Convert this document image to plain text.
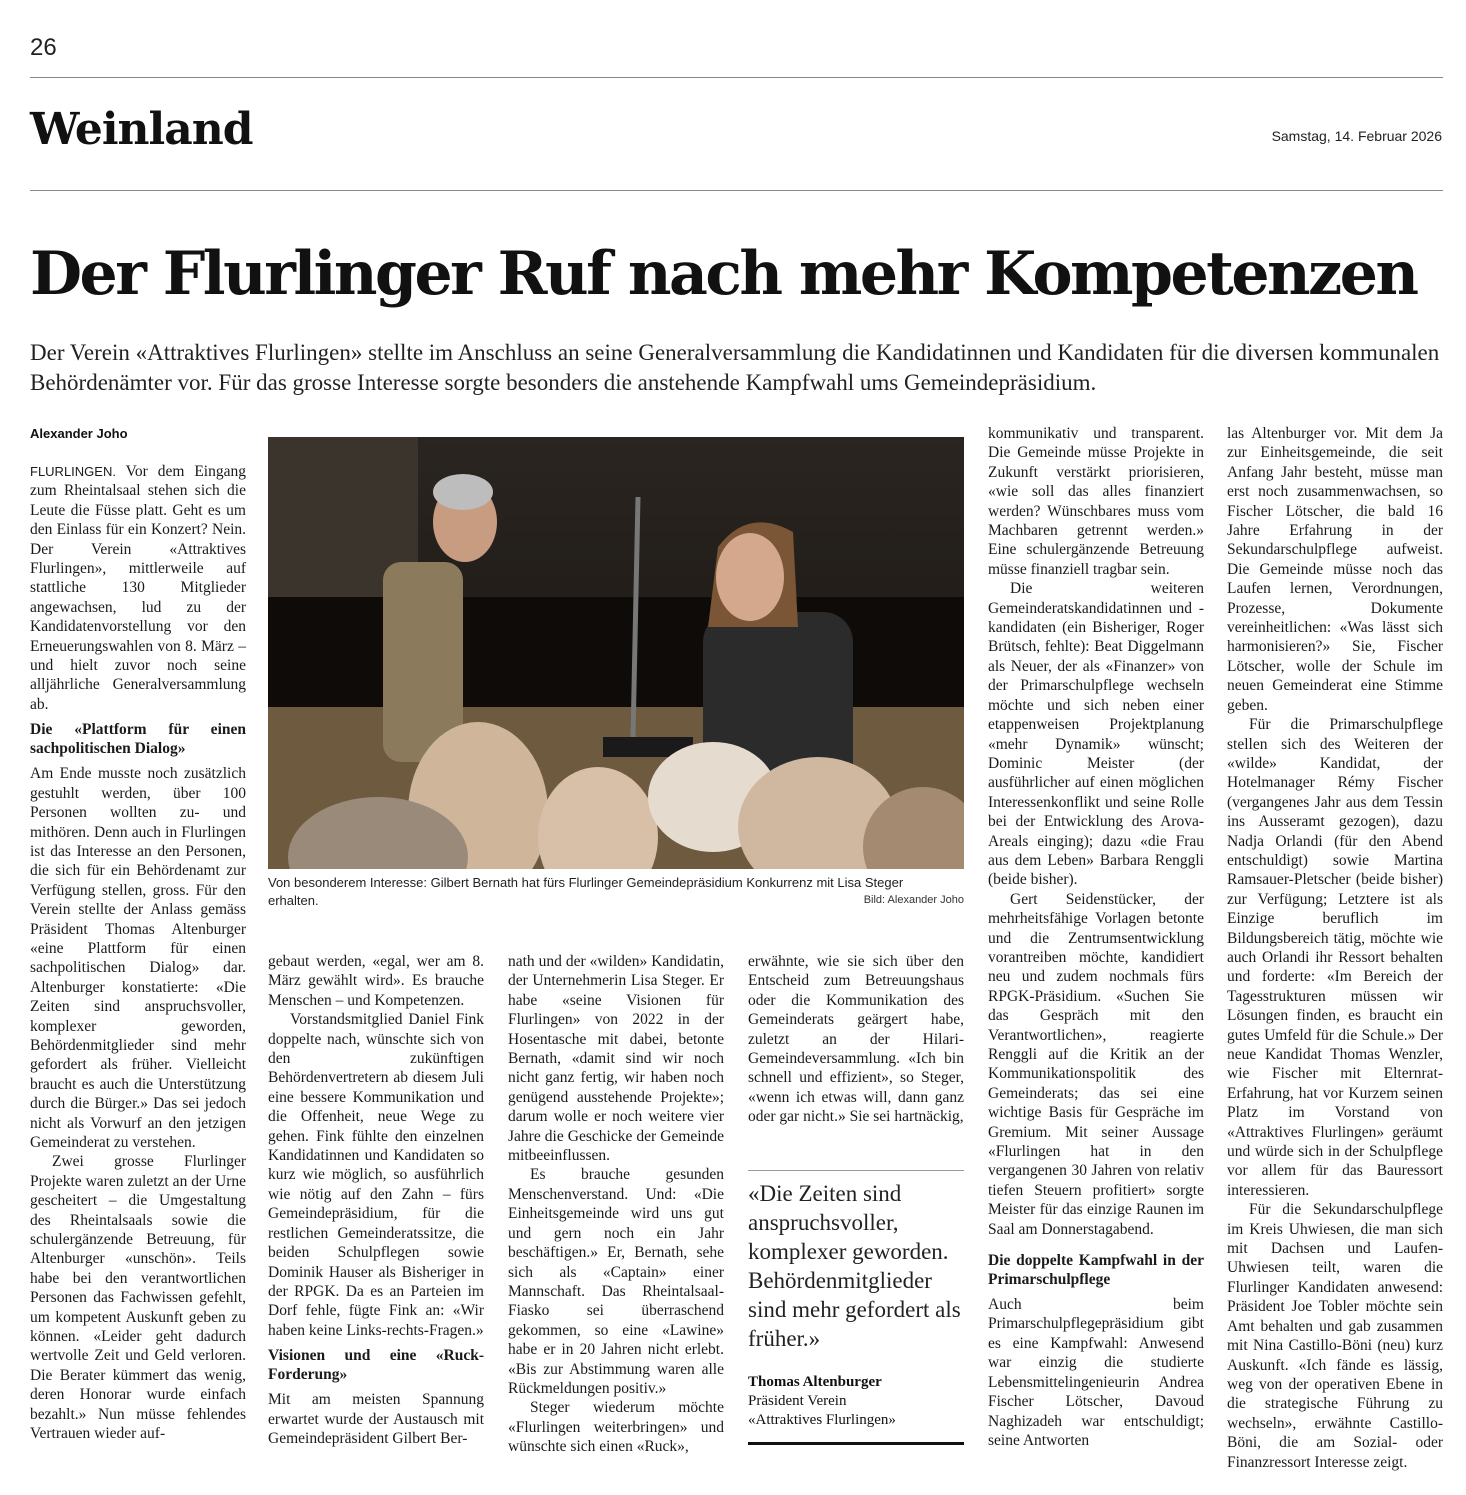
26
Weinland	Samstag, 14. Februar 2026
Der Flurlinger Ruf nach mehr Kompetenzen
Der Verein «Attraktives Flurlingen» stellte im Anschluss an seine Generalversammlung die Kandidatinnen und Kandidaten für die diversen kommunalen Behördenämter vor. Für das grosse Interesse sorgte besonders die anstehende Kampfwahl ums Gemeindepräsidium.
Alexander Joho

FLURLINGEN. Vor dem Eingang zum Rheintalsaal stehen sich die Leute die Füsse platt. Geht es um den Einlass für ein Konzert? Nein. Der Verein «Attraktives Flurlingen», mittlerweile auf stattliche 130 Mitglieder angewachsen, lud zu der Kandidatenvorstellung vor den Erneuerungswahlen von 8. März – und hielt zuvor noch seine alljährliche Generalversammlung ab.

Die «Plattform für einen sachpolitischen Dialog»

Am Ende musste noch zusätzlich gestuhlt werden, über 100 Personen wollten zu- und mithören. Denn auch in Flurlingen ist das Interesse an den Personen, die sich für ein Behördenamt zur Verfügung stellen, gross. Für den Verein stellte der Anlass gemäss Präsident Thomas Altenburger «eine Plattform für einen sachpolitischen Dialog» dar. Altenburger konstatierte: «Die Zeiten sind anspruchsvoller, komplexer geworden, Behördenmitglieder sind mehr gefordert als früher. Vielleicht braucht es auch die Unterstützung durch die Bürger.» Das sei jedoch nicht als Vorwurf an den jetzigen Gemeinderat zu verstehen.

Zwei grosse Flurlinger Projekte waren zuletzt an der Urne gescheitert – die Umgestaltung des Rheintalsaals sowie die schulergänzende Betreuung, für Altenburger «unschön». Teils habe bei den verantwortlichen Personen das Fachwissen gefehlt, um kompetent Auskunft geben zu können. «Leider geht dadurch wertvolle Zeit und Geld verloren. Die Berater kümmert das wenig, deren Honorar wurde einfach bezahlt.» Nun müsse fehlendes Vertrauen wieder auf-

Von besonderem Interesse: Gilbert Bernath hat fürs Flurlinger Gemeindepräsidium Konkurrenz mit Lisa Steger erhalten.	Bild: Alexander Joho

gebaut werden, «egal, wer am 8. März gewählt wird». Es brauche Menschen – und Kompetenzen.

Vorstandsmitglied Daniel Fink doppelte nach, wünschte sich von den zukünftigen Behördenvertretern ab diesem Juli eine bessere Kommunikation und die Offenheit, neue Wege zu gehen. Fink fühlte den einzelnen Kandidatinnen und Kandidaten so kurz wie möglich, so ausführlich wie nötig auf den Zahn – fürs Gemeindepräsidium, für die restlichen Gemeinderatssitze, die beiden Schulpflegen sowie Dominik Hauser als Bisheriger in der RPGK. Da es an Parteien im Dorf fehle, fügte Fink an: «Wir haben keine Links-rechts-Fragen.»

Visionen und eine «Ruck-Forderung»

Mit am meisten Spannung erwartet wurde der Austausch mit Gemeindepräsident Gilbert Ber-

nath und der «wilden» Kandidatin, der Unternehmerin Lisa Steger. Er habe «seine Visionen für Flurlingen» von 2022 in der Hosentasche mit dabei, betonte Bernath, «damit sind wir noch nicht ganz fertig, wir haben noch genügend ausstehende Projekte»; darum wolle er noch weitere vier Jahre die Geschicke der Gemeinde mitbeeinflussen.

Es brauche gesunden Menschenverstand. Und: «Die Einheitsgemeinde wird uns gut und gern noch ein Jahr beschäftigen.» Er, Bernath, sehe sich als «Captain» einer Mannschaft. Das Rheintalsaal-Fiasko sei überraschend gekommen, so eine «Lawine» habe er in 20 Jahren nicht erlebt. «Bis zur Abstimmung waren alle Rückmeldungen positiv.»

Steger wiederum möchte «Flurlingen weiterbringen» und wünschte sich einen «Ruck»,

erwähnte, wie sie sich über den Entscheid zum Betreuungshaus oder die Kommunikation des Gemeinderats geärgert habe, zuletzt an der Hilari-Gemeindeversammlung. «Ich bin schnell und effizient», so Steger, «wenn ich etwas will, dann ganz oder gar nicht.» Sie sei hartnäckig,

«Die Zeiten sind anspruchsvoller, komplexer geworden. Behördenmitglieder sind mehr gefordert als früher.»
Thomas Altenburger
Präsident Verein
«Attraktives Flurlingen»

kommunikativ und transparent. Die Gemeinde müsse Projekte in Zukunft verstärkt priorisieren, «wie soll das alles finanziert werden? Wünschbares muss vom Machbaren getrennt werden.» Eine schulergänzende Betreuung müsse finanziell tragbar sein.

Die weiteren Gemeinderatskandidatinnen und -kandidaten (ein Bisheriger, Roger Brütsch, fehlte): Beat Diggelmann als Neuer, der als «Finanzer» von der Primarschulpflege wechseln möchte und sich neben einer etappenweisen Projektplanung «mehr Dynamik» wünscht; Dominic Meister (der ausführlicher auf einen möglichen Interessenkonflikt und seine Rolle bei der Entwicklung des Arova-Areals einging); dazu «die Frau aus dem Leben» Barbara Renggli (beide bisher).

Gert Seidenstücker, der mehrheitsfähige Vorlagen betonte und die Zentrumsentwicklung vorantreiben möchte, kandidiert neu und zudem nochmals fürs RPGK-Präsidium. «Suchen Sie das Gespräch mit den Verantwortlichen», reagierte Renggli auf die Kritik an der Kommunikationspolitik des Gemeinderats; das sei eine wichtige Basis für Gespräche im Gremium. Mit seiner Aussage «Flurlingen hat in den vergangenen 30 Jahren von relativ tiefen Steuern profitiert» sorgte Meister für das einzige Raunen im Saal am Donnerstagabend.

Die doppelte Kampfwahl in der Primarschulpflege

Auch beim Primarschulpflegepräsidium gibt es eine Kampfwahl: Anwesend war einzig die studierte Lebensmittelingenieurin Andrea Fischer Lötscher, Davoud Naghizadeh war entschuldigt; seine Antworten

las Altenburger vor. Mit dem Ja zur Einheitsgemeinde, die seit Anfang Jahr besteht, müsse man erst noch zusammenwachsen, so Fischer Lötscher, die bald 16 Jahre Erfahrung in der Sekundarschulpflege aufweist. Die Gemeinde müsse noch das Laufen lernen, Verordnungen, Prozesse, Dokumente vereinheitlichen: «Was lässt sich harmonisieren?» Sie, Fischer Lötscher, wolle der Schule im neuen Gemeinderat eine Stimme geben.

Für die Primarschulpflege stellen sich des Weiteren der «wilde» Kandidat, der Hotelmanager Rémy Fischer (vergangenes Jahr aus dem Tessin ins Ausseramt gezogen), dazu Nadja Orlandi (für den Abend entschuldigt) sowie Martina Ramsauer-Pletscher (beide bisher) zur Verfügung; Letztere ist als Einzige beruflich im Bildungsbereich tätig, möchte wie auch Orlandi ihr Ressort behalten und forderte: «Im Bereich der Tagesstrukturen müssen wir Lösungen finden, es braucht ein gutes Umfeld für die Schule.» Der neue Kandidat Thomas Wenzler, wie Fischer mit Elternrat-Erfahrung, hat vor Kurzem seinen Platz im Vorstand von «Attraktives Flurlingen» geräumt und würde sich in der Schulpflege vor allem für das Bauressort interessieren.

Für die Sekundarschulpflege im Kreis Uhwiesen, die man sich mit Dachsen und Laufen-Uhwiesen teilt, waren die Flurlinger Kandidaten anwesend: Präsident Joe Tobler möchte sein Amt behalten und gab zusammen mit Nina Castillo-Böni (neu) kurz Auskunft. «Ich fände es lässig, weg von der operativen Ebene in die strategische Führung zu wechseln», erwähnte Castillo-Böni, die am Sozial- oder Finanzressort Interesse zeigt.
